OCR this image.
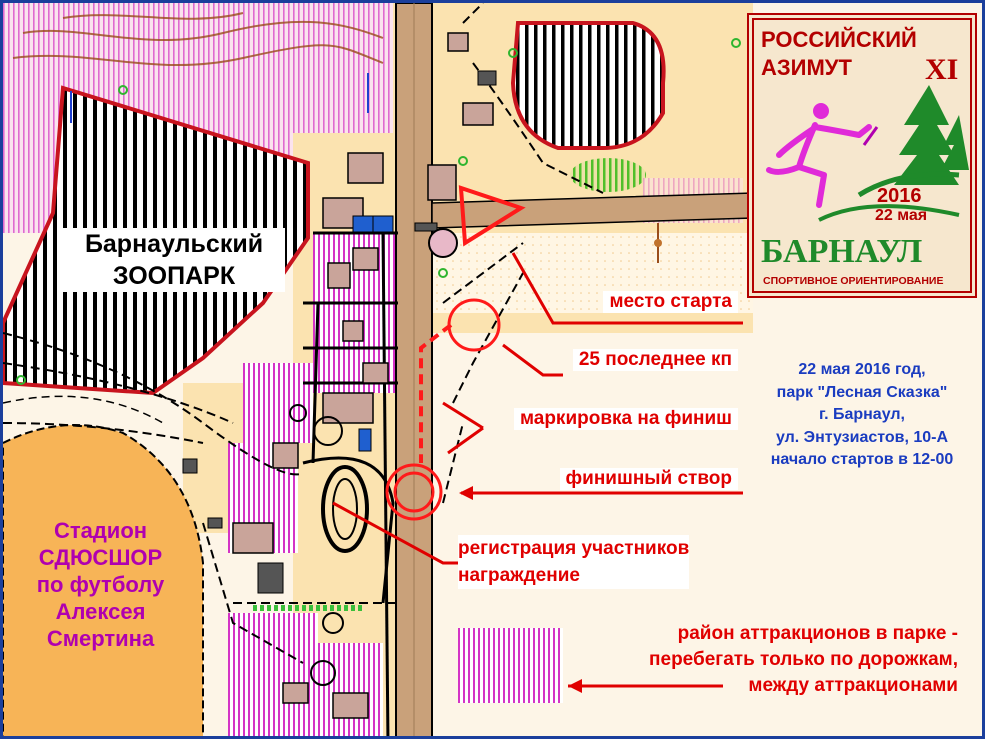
Барнаульский
ЗООПАРК
Стадион
СДЮСШОР
по футболу
Алексея
Смертина
место старта
25 последнее кп
маркировка на финиш
финишный створ
регистрация участников
награждение
район аттракционов в парке -
перебегать только по дорожкам,
между аттракционами
22 мая 2016 год,
парк "Лесная Сказка"
г. Барнаул,
ул. Энтузиастов, 10-А
начало стартов в 12-00
РОССИЙСКИЙ
АЗИМУТ XI
2016
22 мая
БАРНАУЛ
СПОРТИВНОЕ ОРИЕНТИРОВАНИЕ
